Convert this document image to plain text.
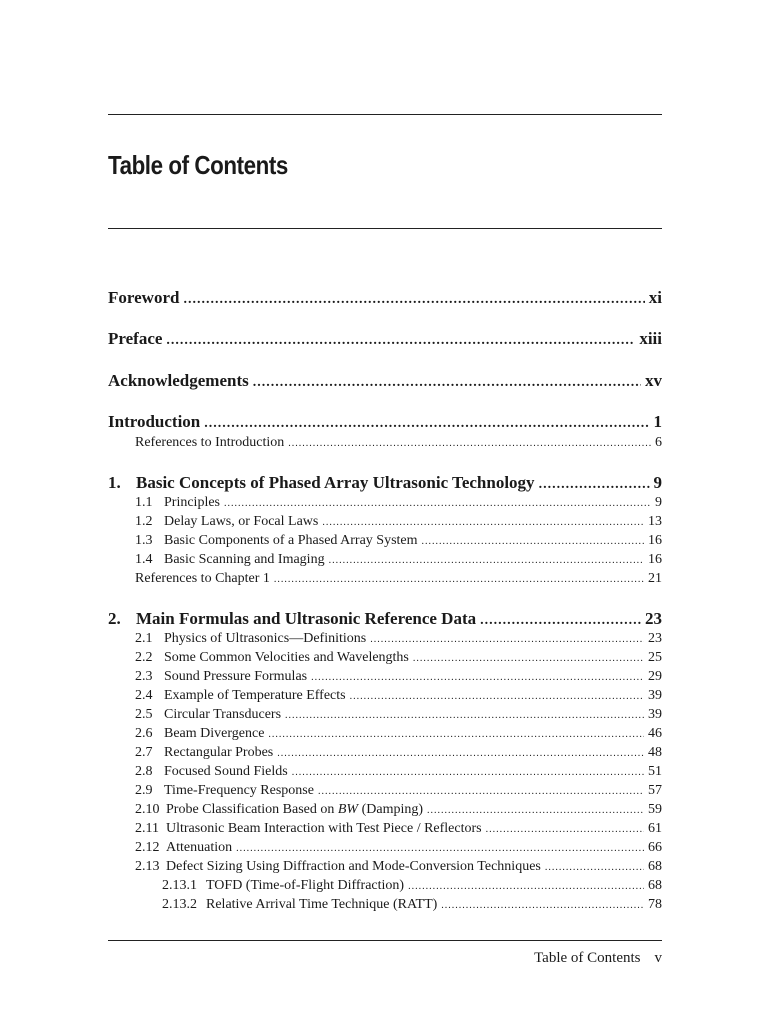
Table of Contents
Foreword .....	xi
Preface .....	xiii
Acknowledgements .....	xv
Introduction .....	1
References to Introduction .....	6
1. Basic Concepts of Phased Array Ultrasonic Technology .....	9
1.1 Principles .....	9
1.2 Delay Laws, or Focal Laws .....	13
1.3 Basic Components of a Phased Array System .....	16
1.4 Basic Scanning and Imaging .....	16
References to Chapter 1 .....	21
2. Main Formulas and Ultrasonic Reference Data .....	23
2.1 Physics of Ultrasonics—Definitions .....	23
2.2 Some Common Velocities and Wavelengths .....	25
2.3 Sound Pressure Formulas .....	29
2.4 Example of Temperature Effects .....	39
2.5 Circular Transducers .....	39
2.6 Beam Divergence .....	46
2.7 Rectangular Probes .....	48
2.8 Focused Sound Fields .....	51
2.9 Time-Frequency Response .....	57
2.10 Probe Classification Based on BW (Damping) .....	59
2.11 Ultrasonic Beam Interaction with Test Piece / Reflectors .....	61
2.12 Attenuation .....	66
2.13 Defect Sizing Using Diffraction and Mode-Conversion Techniques .....	68
2.13.1 TOFD (Time-of-Flight Diffraction) .....	68
2.13.2 Relative Arrival Time Technique (RATT) .....	78
Table of Contents v
